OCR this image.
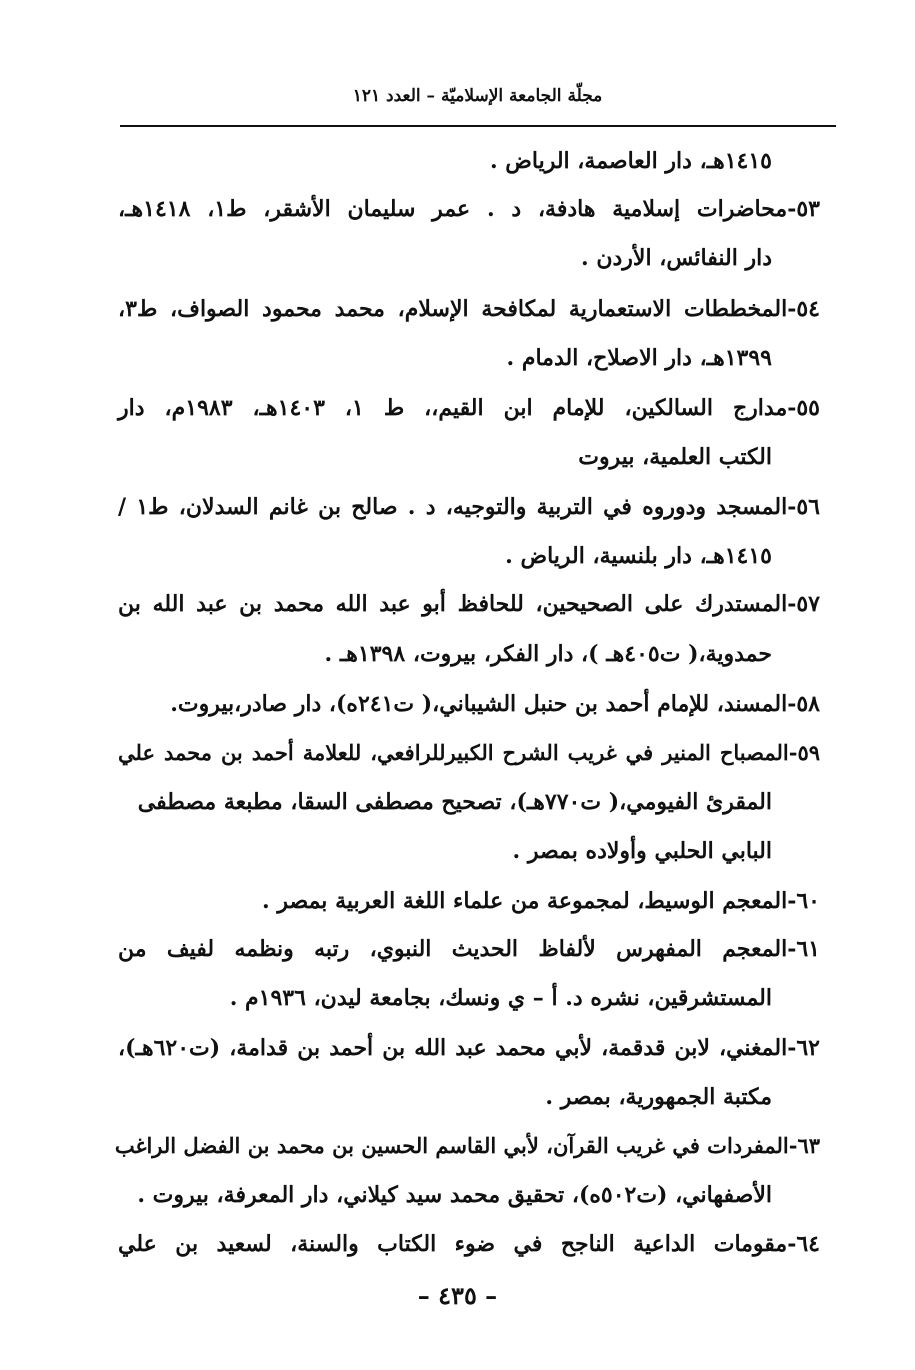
مجلّة الجامعة الإسلاميّة – العدد ١٢١
١٤١٥هـ، دار العاصمة، الرياض .
٥٣-محاضرات إسلامية هادفة، د . عمر سليمان الأشقر، ط١، ١٤١٨هـ،
دار النفائس، الأردن .
٥٤-المخططات الاستعمارية لمكافحة الإسلام، محمد محمود الصواف، ط٣،
١٣٩٩هـ، دار الاصلاح، الدمام .
٥٥-مدارج السالكين، للإمام ابن القيم،، ط ١، ١٤٠٣هـ، ١٩٨٣م، دار
الكتب العلمية، بيروت
٥٦-المسجد ودوروه في التربية والتوجيه، د . صالح بن غانم السدلان، ط١ /
١٤١٥هـ، دار بلنسية، الرياض .
٥٧-المستدرك على الصحيحين، للحافظ أبو عبد الله محمد بن عبد الله بن
حمدوية،( ت٤٠٥هـ )، دار الفكر، بيروت، ١٣٩٨هـ .
٥٨-المسند، للإمام أحمد بن حنبل الشيباني،( ت٢٤١ه)، دار صادر،بيروت.
٥٩-المصباح المنير في غريب الشرح الكبيرللرافعي، للعلامة أحمد بن محمد علي
المقرئ الفيومي،( ت٧٧٠هـ)، تصحيح مصطفى السقا، مطبعة مصطفى
البابي الحلبي وأولاده بمصر .
٦٠-المعجم الوسيط، لمجموعة من علماء اللغة العربية بمصر .
٦١-المعجم المفهرس لألفاظ الحديث النبوي، رتبه ونظمه لفيف من
المستشرقين، نشره د. أ – ي ونسك، بجامعة ليدن، ١٩٣٦م .
٦٢-المغني، لابن قدقمة، لأبي محمد عبد الله بن أحمد بن قدامة، (ت٦٢٠هـ)،
مكتبة الجمهورية، بمصر .
٦٣-المفردات في غريب القرآن، لأبي القاسم الحسين بن محمد بن الفضل الراغب
الأصفهاني، (ت٥٠٢ه)، تحقيق محمد سيد كيلاني، دار المعرفة، بيروت .
٦٤-مقومات الداعية الناجح في ضوء الكتاب والسنة، لسعيد بن علي
– ٤٣٥ –
